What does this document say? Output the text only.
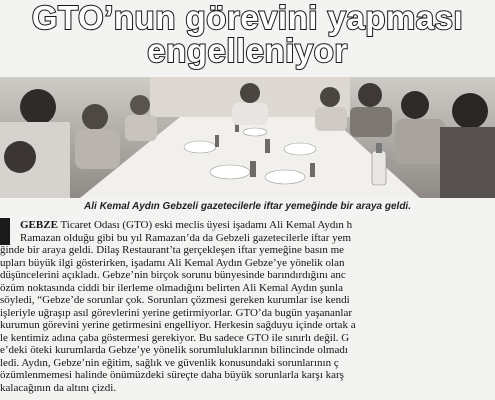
GTO’nun görevini yapması
engelleniyor
Ali Kemal Aydın Gebzeli gazetecilerle iftar yemeğinde bir araya geldi.
GEBZE Ticaret Odası (GTO) eski meclis üyesi işadamı Ali Kemal Aydın h
Ramazan olduğu gibi bu yıl Ramazan’da da Gebzeli gazetecilerle iftar yem
ğinde bir araya geldi. Dilaş Restaurant’ta gerçekleşen iftar yemeğine basın me
upları büyük ilgi gösterirken, işadamı Ali Kemal Aydın Gebze’ye yönelik olan
düşüncelerini açıkladı. Gebze’nin birçok sorunu bünyesinde barındırdığını anc
özüm noktasında ciddi bir ilerleme olmadığını belirten Ali Kemal Aydın şunla
söyledi, “Gebze’de sorunlar çok. Sorunları çözmesi gereken kurumlar ise kendi
işleriyle uğraşıp asıl görevlerini yerine getirmiyorlar. GTO’da bugün yaşananlar
kurumun görevini yerine getirmesini engelliyor. Herkesin sağduyu içinde ortak a
le kentimiz adına çaba göstermesi gerekiyor. Bu sadece GTO ile sınırlı değil. G
e’deki öteki kurumlarda Gebze’ye yönelik sorumluluklarının bilincinde olmadı
ledi. Aydın, Gebze’nin eğitim, sağlık ve güvenlik konusundaki sorunlarının ç
özümlenmemesi halinde önümüzdeki süreçte daha büyük sorunlarla karşı karş
kalacağının da altını çizdi.
